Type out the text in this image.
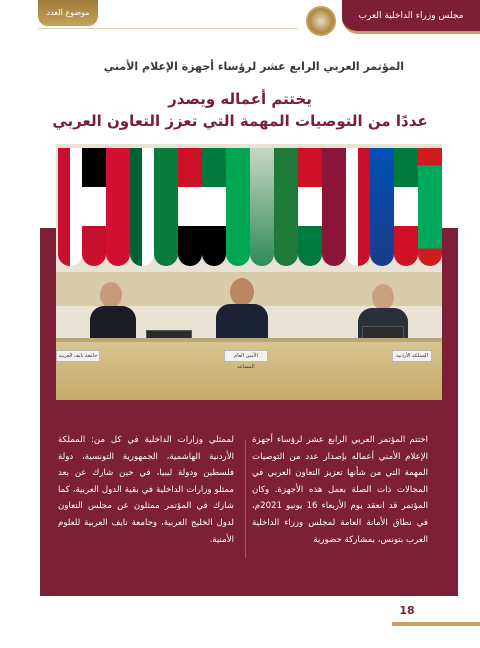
موضوع العدد	مجلس وزراء الداخلية العرب
المؤتمر العربي الرابع عشر لرؤساء أجهزة الإعلام الأمني
يختتم أعماله ويصدر
عددًا من التوصيات المهمة التي تعزز التعاون العربي
جامعة نايف العربية	الأمين العام المساعد
المملكة الأردنية
اختتم المؤتمر العربي الرابع عشر لرؤساء أجهزة الإعلام الأمني أعماله بإصدار عدد من التوصيات المهمة التي من شأنها تعزيز التعاون العربي في المجالات ذات الصلة بعمل هذه الأجهزة. وكان المؤتمر قد انعقد يوم الأربعاء 16 يونيو 2021م، في نطاق الأمانة العامة لمجلس وزراء الداخلية العرب بتونس، بمشاركة حضورية
لممثلي وزارات الداخلية في كل من: المملكة الأردنية الهاشمية، الجمهورية التونسية، دولة فلسطين ودولة ليبيا، في حين شارك عن بعد ممثلو وزارات الداخلية في بقية الدول العربية، كما شارك في المؤتمر ممثلون عن مجلس التعاون لدول الخليج العربية، وجامعة نايف العربية للعلوم الأمنية.
18
